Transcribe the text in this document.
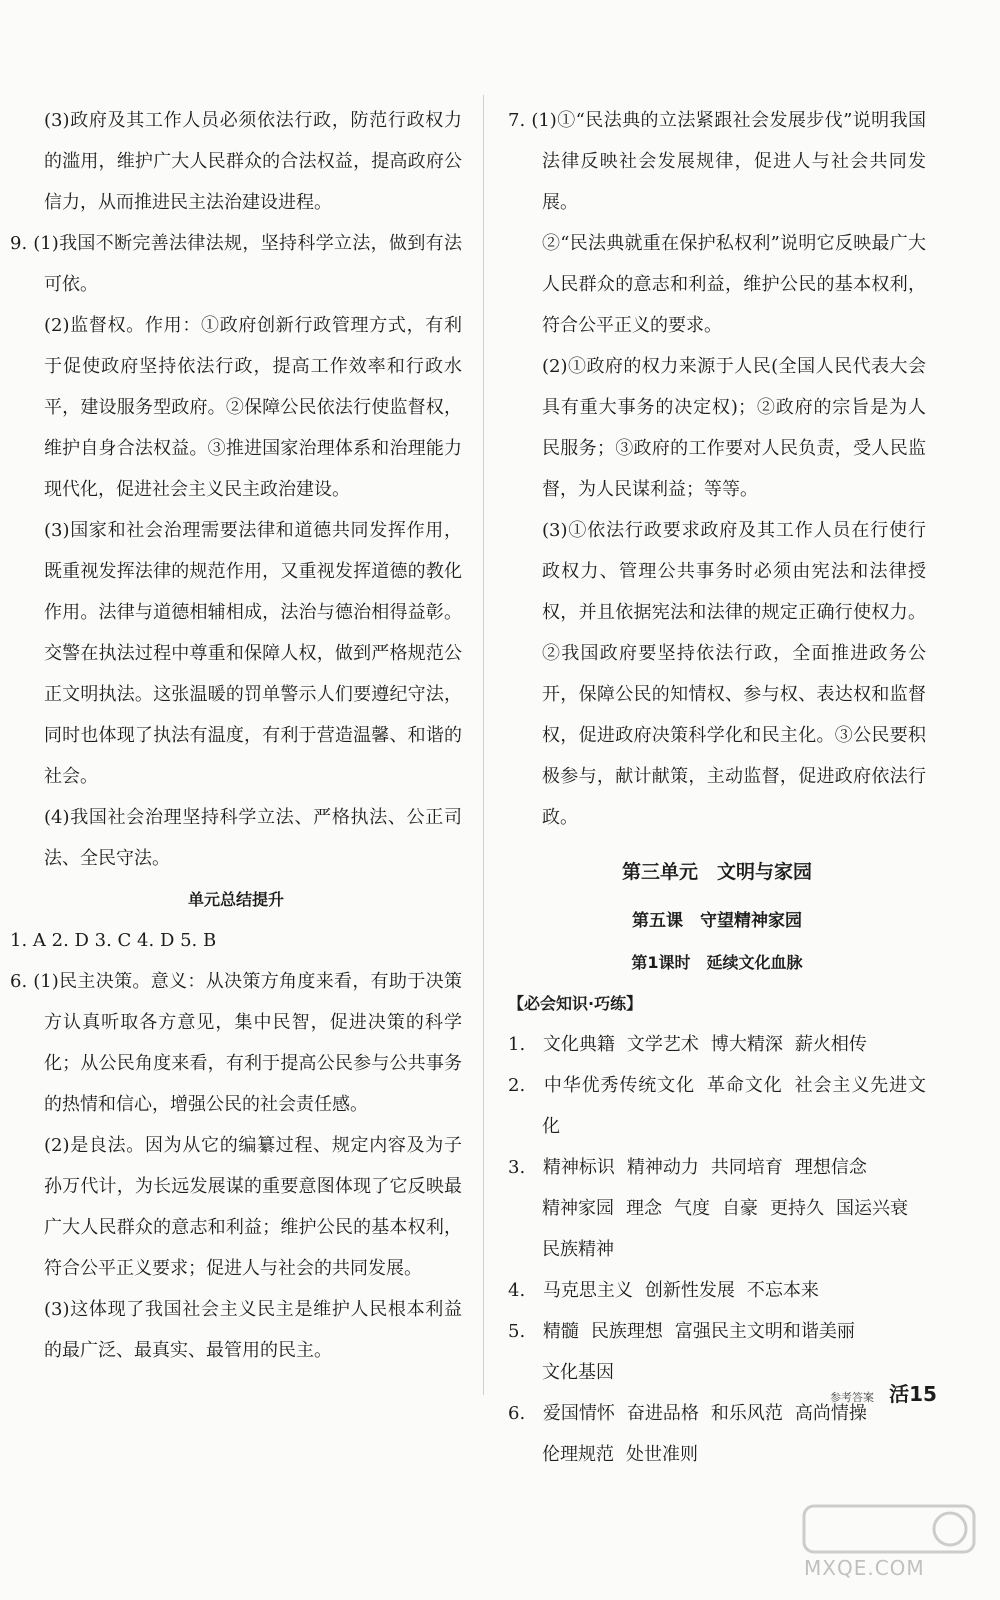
(3)政府及其工作人员必须依法行政，防范行政权力的滥用，维护广大人民群众的合法权益，提高政府公信力，从而推进民主法治建设进程。

9. (1)我国不断完善法律法规，坚持科学立法，做到有法可依。

(2)监督权。作用：①政府创新行政管理方式，有利于促使政府坚持依法行政，提高工作效率和行政水平，建设服务型政府。②保障公民依法行使监督权，维护自身合法权益。③推进国家治理体系和治理能力现代化，促进社会主义民主政治建设。

(3)国家和社会治理需要法律和道德共同发挥作用，既重视发挥法律的规范作用，又重视发挥道德的教化作用。法律与道德相辅相成，法治与德治相得益彰。交警在执法过程中尊重和保障人权，做到严格规范公正文明执法。这张温暖的罚单警示人们要遵纪守法，同时也体现了执法有温度，有利于营造温馨、和谐的社会。

(4)我国社会治理坚持科学立法、严格执法、公正司法、全民守法。

单元总结提升

1. A 2. D 3. C 4. D 5. B

6. (1)民主决策。意义：从决策方角度来看，有助于决策方认真听取各方意见，集中民智，促进决策的科学化；从公民角度来看，有利于提高公民参与公共事务的热情和信心，增强公民的社会责任感。

(2)是良法。因为从它的编纂过程、规定内容及为子孙万代计，为长远发展谋的重要意图体现了它反映最广大人民群众的意志和利益；维护公民的基本权利，符合公平正义要求；促进人与社会的共同发展。

(3)这体现了我国社会主义民主是维护人民根本利益的最广泛、最真实、最管用的民主。

7. (1)①“民法典的立法紧跟社会发展步伐”说明我国法律反映社会发展规律，促进人与社会共同发展。

②“民法典就重在保护私权利”说明它反映最广大人民群众的意志和利益，维护公民的基本权利，符合公平正义的要求。

(2)①政府的权力来源于人民(全国人民代表大会具有重大事务的决定权)；②政府的宗旨是为人民服务；③政府的工作要对人民负责，受人民监督，为人民谋利益；等等。

(3)①依法行政要求政府及其工作人员在行使行政权力、管理公共事务时必须由宪法和法律授权，并且依据宪法和法律的规定正确行使权力。②我国政府要坚持依法行政，全面推进政务公开，保障公民的知情权、参与权、表达权和监督权，促进政府决策科学化和民主化。③公民要积极参与，献计献策，主动监督，促进政府依法行政。

第三单元　文明与家园

第五课　守望精神家园

第1课时　延续文化血脉

【必会知识·巧练】

1. 文化典籍 文学艺术 博大精深 薪火相传

2. 中华优秀传统文化 革命文化 社会主义先进文化

3. 精神标识 精神动力 共同培育 理想信念

精神家园 理念 气度 自豪 更持久 国运兴衰

民族精神

4. 马克思主义 创新性发展 不忘本来

5. 精髓 民族理想 富强民主文明和谐美丽

文化基因

6. 爱国情怀 奋进品格 和乐风范 高尚情操

伦理规范 处世准则

参考答案 活15
MXQE.COM
